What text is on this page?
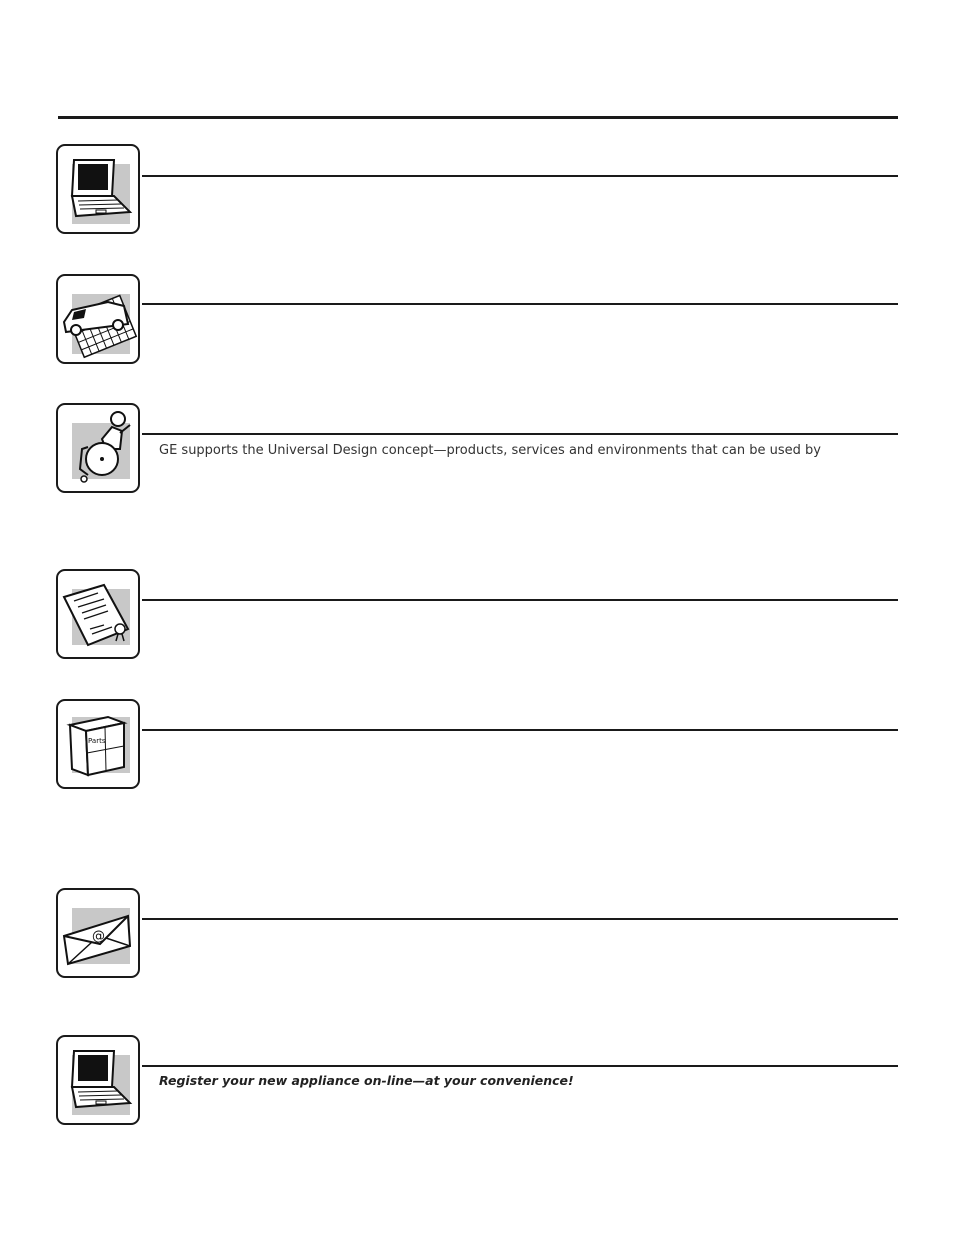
GE supports the Universal Design concept—products, services and environments that can be used by
Parts
@
Register your new appliance on-line—at your convenience!
